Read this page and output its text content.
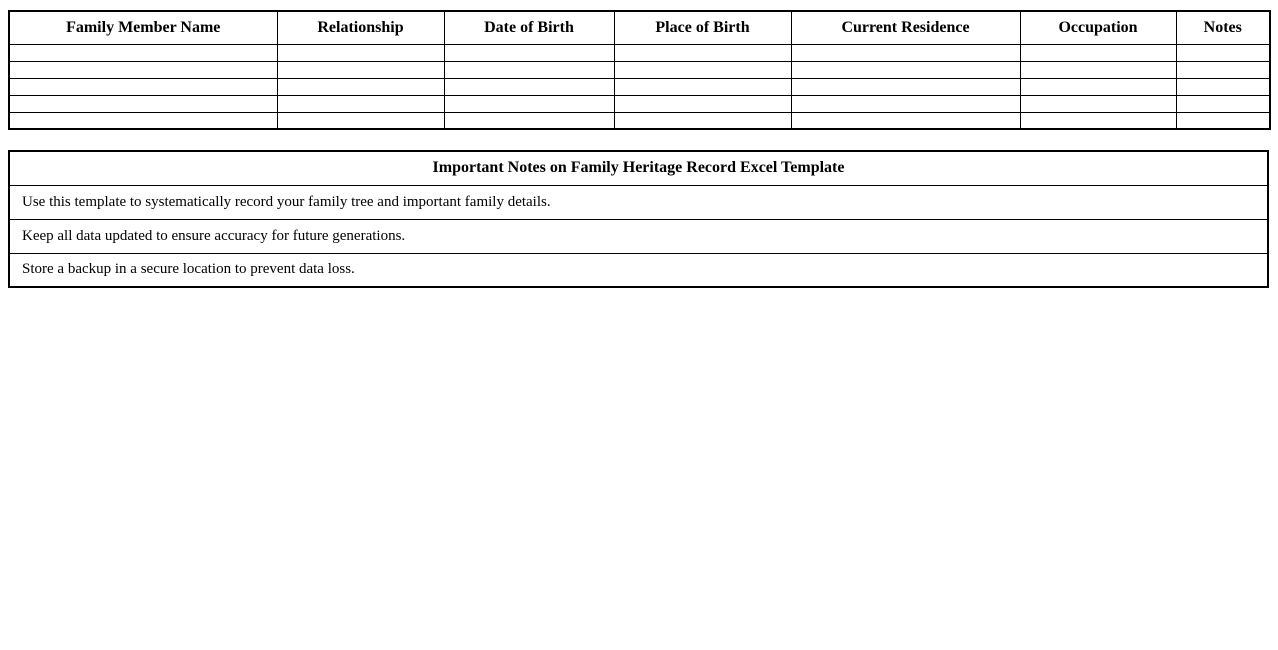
Family Member Name	Relationship	Date of Birth	Place of Birth	Current Residence	Occupation	Notes

Important Notes on Family Heritage Record Excel Template
Use this template to systematically record your family tree and important family details.
Keep all data updated to ensure accuracy for future generations.
Store a backup in a secure location to prevent data loss.
